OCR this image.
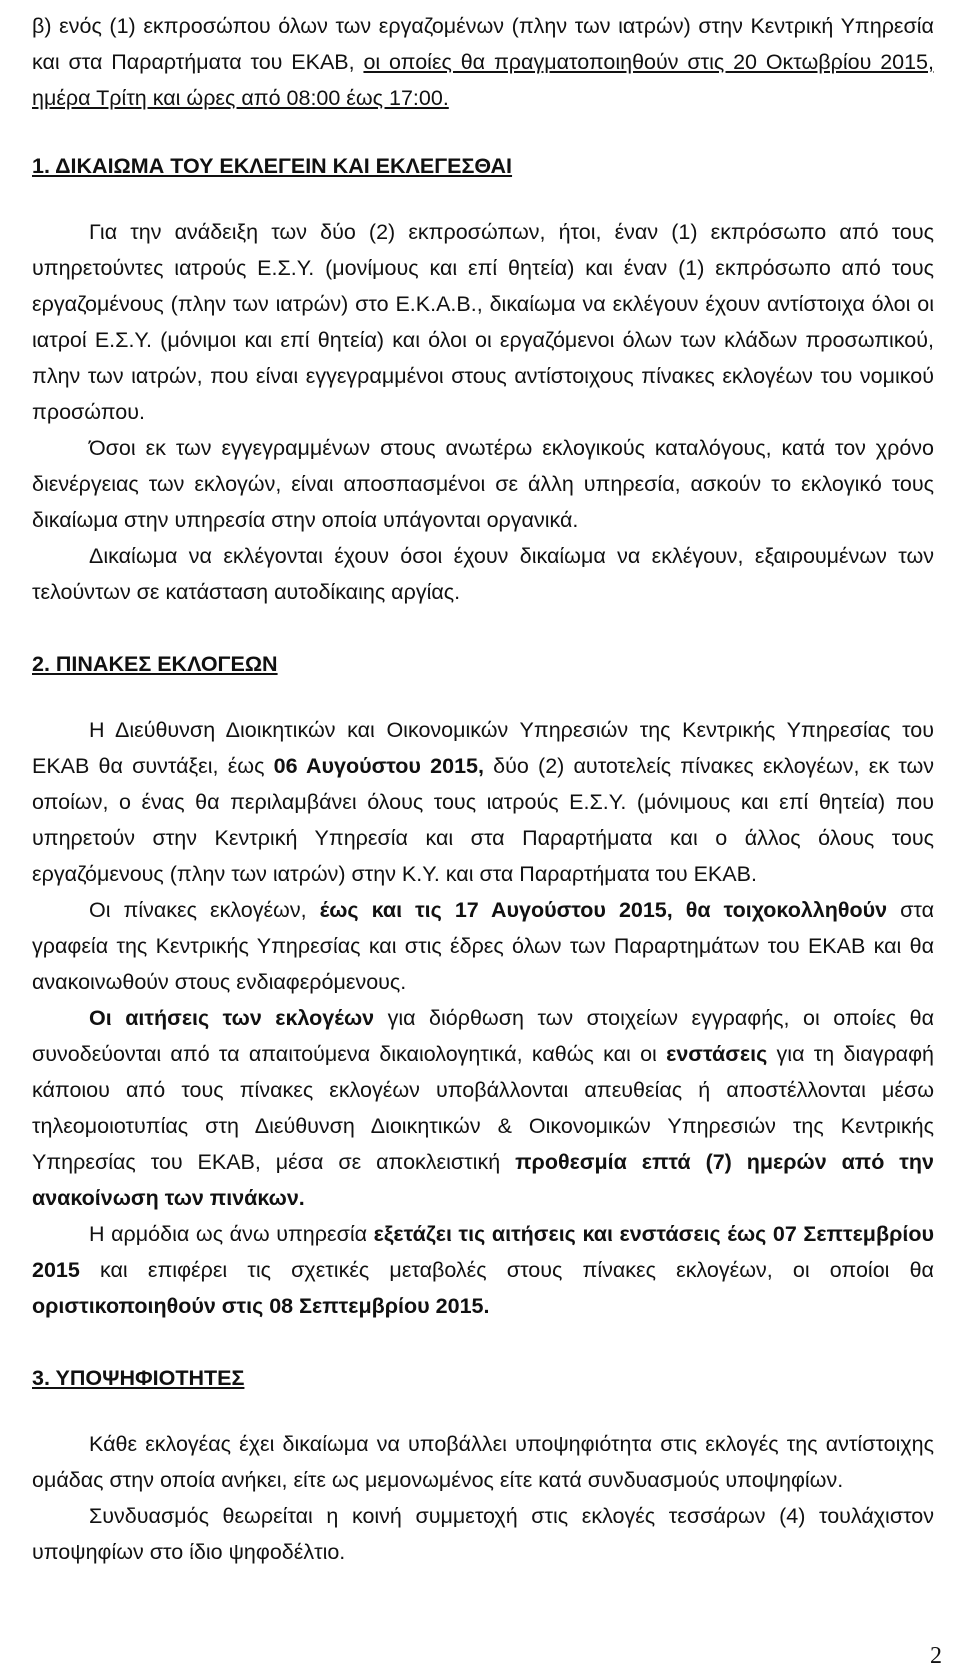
β) ενός (1) εκπροσώπου όλων των εργαζομένων (πλην των ιατρών) στην Κεντρική Υπηρεσία και στα Παραρτήματα του ΕΚΑΒ, οι οποίες θα πραγματοποιηθούν στις 20 Οκτωβρίου 2015, ημέρα Τρίτη και ώρες από 08:00 έως 17:00.

1. ΔΙΚΑΙΩΜΑ ΤΟΥ ΕΚΛΕΓΕΙΝ ΚΑΙ ΕΚΛΕΓΕΣΘΑΙ

Για την ανάδειξη των δύο (2) εκπροσώπων, ήτοι, έναν (1) εκπρόσωπο από τους υπηρετούντες ιατρούς Ε.Σ.Υ. (μονίμους και επί θητεία) και έναν (1) εκπρόσωπο από τους εργαζομένους (πλην των ιατρών) στο Ε.Κ.Α.Β., δικαίωμα να εκλέγουν έχουν αντίστοιχα όλοι οι ιατροί Ε.Σ.Υ. (μόνιμοι και επί θητεία) και όλοι οι εργαζόμενοι όλων των κλάδων προσωπικού, πλην των ιατρών, που είναι εγγεγραμμένοι στους αντίστοιχους πίνακες εκλογέων του νομικού προσώπου.

Όσοι εκ των εγγεγραμμένων στους ανωτέρω εκλογικούς καταλόγους, κατά τον χρόνο διενέργειας των εκλογών, είναι αποσπασμένοι σε άλλη υπηρεσία, ασκούν το εκλογικό τους δικαίωμα στην υπηρεσία στην οποία υπάγονται οργανικά.

Δικαίωμα να εκλέγονται έχουν όσοι έχουν δικαίωμα να εκλέγουν, εξαιρουμένων των τελούντων σε κατάσταση αυτοδίκαιης αργίας.

2. ΠΙΝΑΚΕΣ ΕΚΛΟΓΕΩΝ

Η Διεύθυνση Διοικητικών και Οικονομικών Υπηρεσιών της Κεντρικής Υπηρεσίας του ΕΚΑΒ θα συντάξει, έως 06 Αυγούστου 2015, δύο (2) αυτοτελείς πίνακες εκλογέων, εκ των οποίων, ο ένας θα περιλαμβάνει όλους τους ιατρούς Ε.Σ.Υ. (μόνιμους και επί θητεία) που υπηρετούν στην Κεντρική Υπηρεσία και στα Παραρτήματα και ο άλλος όλους τους εργαζόμενους (πλην των ιατρών) στην Κ.Υ. και στα Παραρτήματα του ΕΚΑΒ.

Οι πίνακες εκλογέων, έως και τις 17 Αυγούστου 2015, θα τοιχοκολληθούν στα γραφεία της Κεντρικής Υπηρεσίας και στις έδρες όλων των Παραρτημάτων του ΕΚΑΒ και θα ανακοινωθούν στους ενδιαφερόμενους.

Οι αιτήσεις των εκλογέων για διόρθωση των στοιχείων εγγραφής, οι οποίες θα συνοδεύονται από τα απαιτούμενα δικαιολογητικά, καθώς και οι ενστάσεις για τη διαγραφή κάποιου από τους πίνακες εκλογέων υποβάλλονται απευθείας ή αποστέλλονται μέσω τηλεομοιοτυπίας στη Διεύθυνση Διοικητικών & Οικονομικών Υπηρεσιών της Κεντρικής Υπηρεσίας του ΕΚΑΒ, μέσα σε αποκλειστική προθεσμία επτά (7) ημερών από την ανακοίνωση των πινάκων.

Η αρμόδια ως άνω υπηρεσία εξετάζει τις αιτήσεις και ενστάσεις έως 07 Σεπτεμβρίου 2015 και επιφέρει τις σχετικές μεταβολές στους πίνακες εκλογέων, οι οποίοι θα οριστικοποιηθούν στις 08 Σεπτεμβρίου 2015.

3. ΥΠΟΨΗΦΙΟΤΗΤΕΣ

Κάθε εκλογέας έχει δικαίωμα να υποβάλλει υποψηφιότητα στις εκλογές της αντίστοιχης ομάδας στην οποία ανήκει, είτε ως μεμονωμένος είτε κατά συνδυασμούς υποψηφίων.

Συνδυασμός θεωρείται η κοινή συμμετοχή στις εκλογές τεσσάρων (4) τουλάχιστον υποψηφίων στο ίδιο ψηφοδέλτιο.

2
